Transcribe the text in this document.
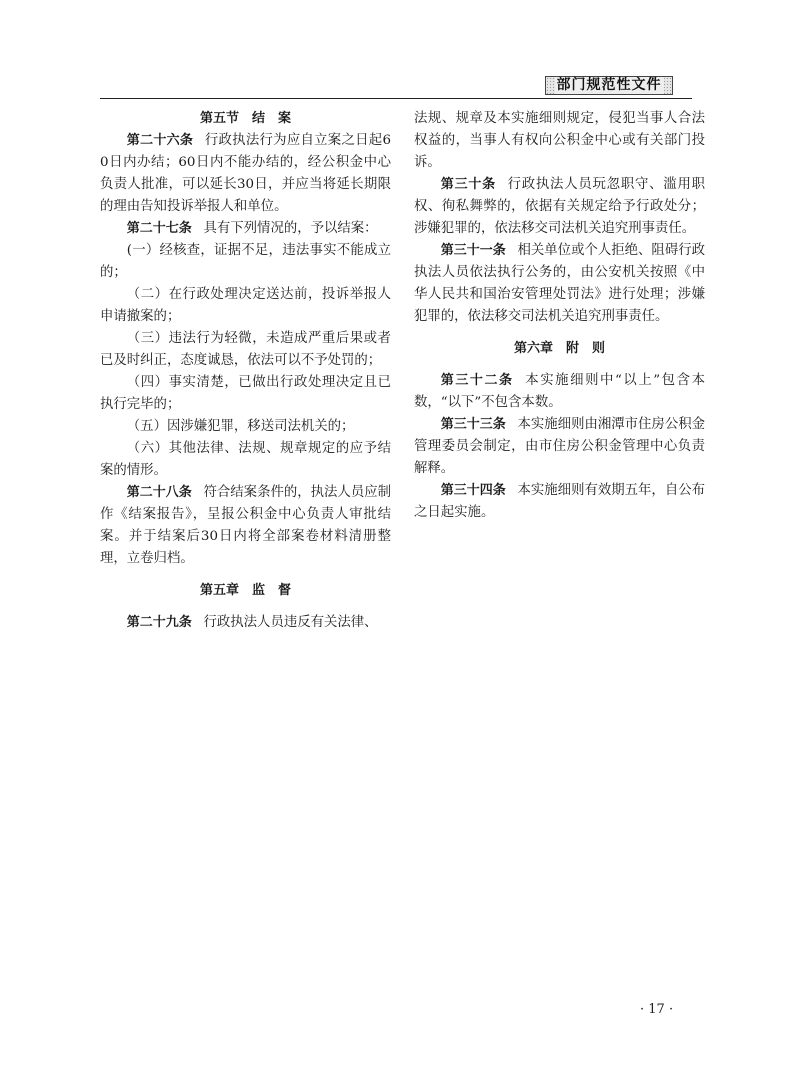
部门规范性文件

第五节　结　案

第二十六条 行政执法行为应自立案之日起60日内办结；60日内不能办结的，经公积金中心负责人批准，可以延长30日，并应当将延长期限的理由告知投诉举报人和单位。

第二十七条 具有下列情况的，予以结案：

(一）经核查，证据不足，违法事实不能成立的；

（二）在行政处理决定送达前，投诉举报人申请撤案的；

（三）违法行为轻微，未造成严重后果或者已及时纠正，态度诚恳，依法可以不予处罚的；

（四）事实清楚，已做出行政处理决定且已执行完毕的；

（五）因涉嫌犯罪，移送司法机关的；

（六）其他法律、法规、规章规定的应予结案的情形。

第二十八条 符合结案条件的，执法人员应制作《结案报告》，呈报公积金中心负责人审批结案。并于结案后30日内将全部案卷材料清册整理，立卷归档。

第五章　监　督

第二十九条 行政执法人员违反有关法律、

法规、规章及本实施细则规定，侵犯当事人合法权益的，当事人有权向公积金中心或有关部门投诉。

第三十条 行政执法人员玩忽职守、滥用职权、徇私舞弊的，依据有关规定给予行政处分；涉嫌犯罪的，依法移交司法机关追究刑事责任。

第三十一条 相关单位或个人拒绝、阻碍行政执法人员依法执行公务的，由公安机关按照《中华人民共和国治安管理处罚法》进行处理；涉嫌犯罪的，依法移交司法机关追究刑事责任。

第六章　附　则

第三十二条 本实施细则中“以上”包含本数，“以下”不包含本数。

第三十三条 本实施细则由湘潭市住房公积金管理委员会制定，由市住房公积金管理中心负责解释。

第三十四条 本实施细则有效期五年，自公布之日起实施。

· 17 ·
